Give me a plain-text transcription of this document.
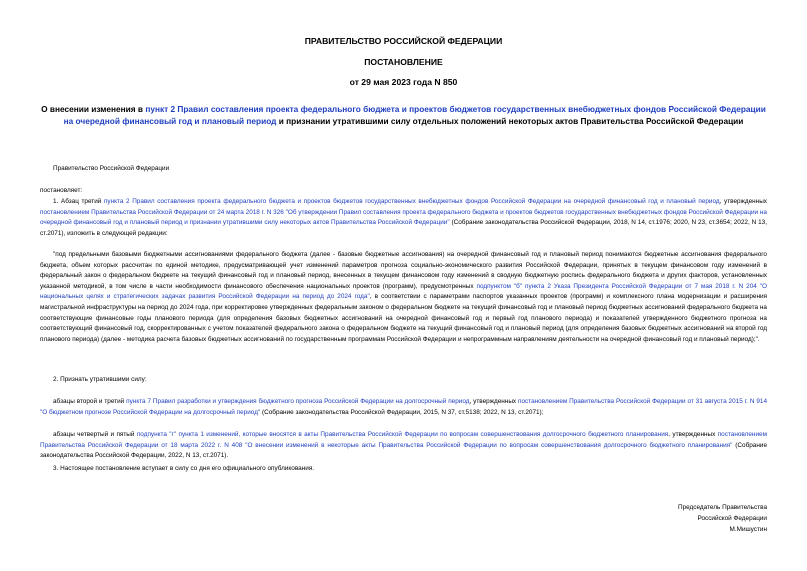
ПРАВИТЕЛЬСТВО РОССИЙСКОЙ ФЕДЕРАЦИИ
ПОСТАНОВЛЕНИЕ
от 29 мая 2023 года N 850
О внесении изменения в пункт 2 Правил составления проекта федерального бюджета и проектов бюджетов государственных внебюджетных фондов Российской Федерации на очередной финансовый год и плановый период и признании утратившими силу отдельных положений некоторых актов Правительства Российской Федерации
Правительство Российской Федерации
постановляет:
1. Абзац третий пункта 2 Правил составления проекта федерального бюджета и проектов бюджетов государственных внебюджетных фондов Российской Федерации на очередной финансовый год и плановый период, утвержденных постановлением Правительства Российской Федерации от 24 марта 2018 г. N 326 "Об утверждении Правил составления проекта федерального бюджета и проектов бюджетов государственных внебюджетных фондов Российской Федерации на очередной финансовый год и плановый период и признании утратившими силу некоторых актов Правительства Российской Федерации" (Собрание законодательства Российской Федерации, 2018, N 14, ст.1976; 2020, N 23, ст.3654; 2022, N 13, ст.2071), изложить в следующей редакции:
"под предельными базовыми бюджетными ассигнованиями федерального бюджета (далее - базовые бюджетные ассигнования) на очередной финансовый год и плановый период понимаются бюджетные ассигнования федерального бюджета, объем которых рассчитан по единой методике, предусматривающей учет изменений параметров прогноза социально-экономического развития Российской Федерации, принятых в текущем финансовом году изменений в федеральный закон о федеральном бюджете на текущий финансовый год и плановый период, внесенных в текущем финансовом году изменений в сводную бюджетную роспись федерального бюджета и других факторов, установленных указанной методикой, в том числе в части необходимости финансового обеспечения национальных проектов (программ), предусмотренных подпунктом "б" пункта 2 Указа Президента Российской Федерации от 7 мая 2018 г. N 204 "О национальных целях и стратегических задачах развития Российской Федерации на период до 2024 года", в соответствии с параметрами паспортов указанных проектов (программ) и комплексного плана модернизации и расширения магистральной инфраструктуры на период до 2024 года, при корректировке утвержденных федеральным законом о федеральном бюджете на текущий финансовый год и плановый период бюджетных ассигнований федерального бюджета на соответствующие финансовые годы планового периода (для определения базовых бюджетных ассигнований на очередной финансовый год и первый год планового периода) и показателей утвержденного бюджетного прогноза на соответствующий финансовый год, скорректированных с учетом показателей федерального закона о федеральном бюджете на текущий финансовый год и плановый период (для определения базовых бюджетных ассигнований на второй год планового периода) (далее - методика расчета базовых бюджетных ассигнований по государственным программам Российской Федерации и непрограммным направлениям деятельности на очередной финансовый год и плановый период);".
2. Признать утратившими силу:
абзацы второй и третий пункта 7 Правил разработки и утверждения бюджетного прогноза Российской Федерации на долгосрочный период, утвержденных постановлением Правительства Российской Федерации от 31 августа 2015 г. N 914 "О бюджетном прогнозе Российской Федерации на долгосрочный период" (Собрание законодательства Российской Федерации, 2015, N 37, ст.5138; 2022, N 13, ст.2071);
абзацы четвертый и пятый подпункта "г" пункта 1 изменений, которые вносятся в акты Правительства Российской Федерации по вопросам совершенствования долгосрочного бюджетного планирования, утвержденных постановлением Правительства Российской Федерации от 18 марта 2022 г. N 408 "О внесении изменений в некоторые акты Правительства Российской Федерации по вопросам совершенствования долгосрочного бюджетного планирования" (Собрание законодательства Российской Федерации, 2022, N 13, ст.2071).
3. Настоящее постановление вступает в силу со дня его официального опубликования.
Председатель Правительства
Российской Федерации
М.Мишустин
